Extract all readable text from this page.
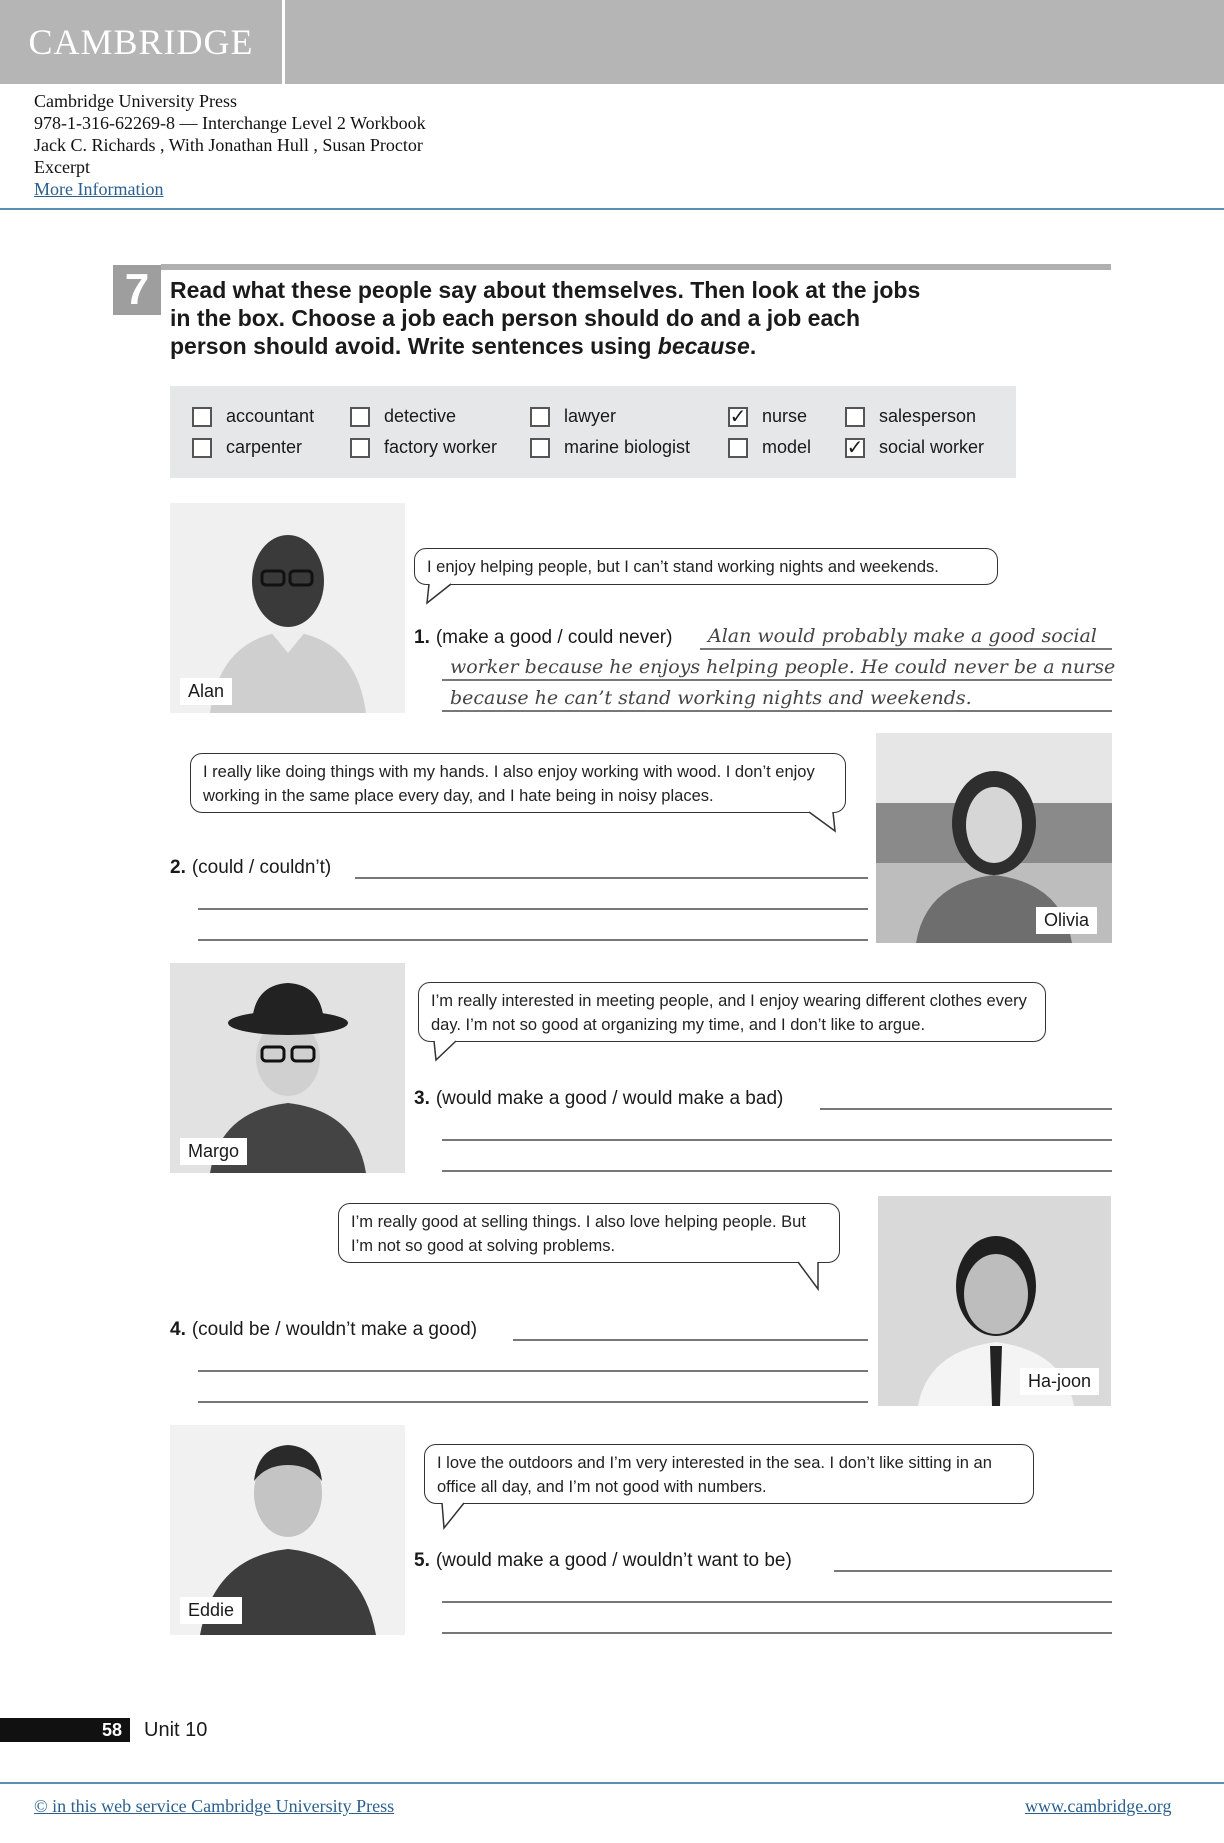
CAMBRIDGE
Cambridge University Press
978-1-316-62269-8 — Interchange Level 2 Workbook
Jack C. Richards , With Jonathan Hull , Susan Proctor
Excerpt
More Information
7 Read what these people say about themselves. Then look at the jobs in the box. Choose a job each person should do and a job each person should avoid. Write sentences using because.
accountant
carpenter
detective
factory worker
lawyer
marine biologist
✓ nurse
model
salesperson
✓ social worker
Alan
I enjoy helping people, but I can’t stand working nights and weekends.
1. (make a good / could never) Alan would probably make a good social
worker because he enjoys helping people. He could never be a nurse
because he can’t stand working nights and weekends.
I really like doing things with my hands. I also enjoy working with wood. I don’t enjoy working in the same place every day, and I hate being in noisy places.
Olivia
2. (could / couldn’t)
Margo
I’m really interested in meeting people, and I enjoy wearing different clothes every day. I’m not so good at organizing my time, and I don’t like to argue.
3. (would make a good / would make a bad)
I’m really good at selling things. I also love helping people. But I’m not so good at solving problems.
Ha-joon
4. (could be / wouldn’t make a good)
Eddie
I love the outdoors and I’m very interested in the sea. I don’t like sitting in an office all day, and I’m not good with numbers.
5. (would make a good / wouldn’t want to be)
58	Unit 10
© in this web service Cambridge University Press	www.cambridge.org
